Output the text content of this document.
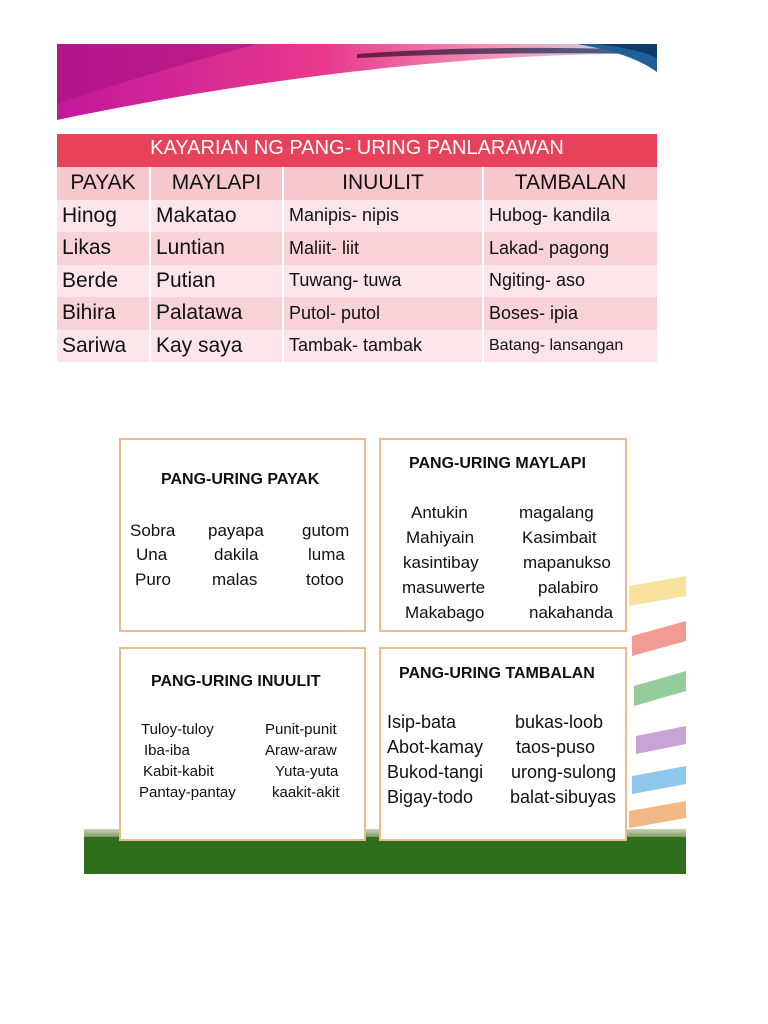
KAYARIAN NG PANG- URING PANLARAWAN
PAYAK	MAYLAPI	INUULIT	TAMBALAN
Hinog	Makatao	Manipis- nipis	Hubog- kandila
Likas	Luntian	Maliit- liit	Lakad- pagong
Berde	Putian	Tuwang- tuwa	Ngiting- aso
Bihira	Palatawa	Putol- putol	Boses- ipia
Sariwa	Kay saya	Tambak- tambak	Batang- lansangan
PANG-URING PAYAK
Sobra payapa gutom
Una	dakila	luma
Puro malas	totoo
PANG-URING MAYLAPI
Antukin	magalang
Mahiyain	Kasimbait
kasintibay	mapanukso
masuwerte	palabiro
Makabago	nakahanda
PANG-URING INUULIT
Tuloy-tuloy	Punit-punit
Iba-iba	Araw-araw
Kabit-kabit	Yuta-yuta
Pantay-pantay kaakit-akit
PANG-URING TAMBALAN
Isip-bata	bukas-loob
Abot-kamay taos-puso
Bukod-tangi urong-sulong
Bigay-todo balat-sibuyas
